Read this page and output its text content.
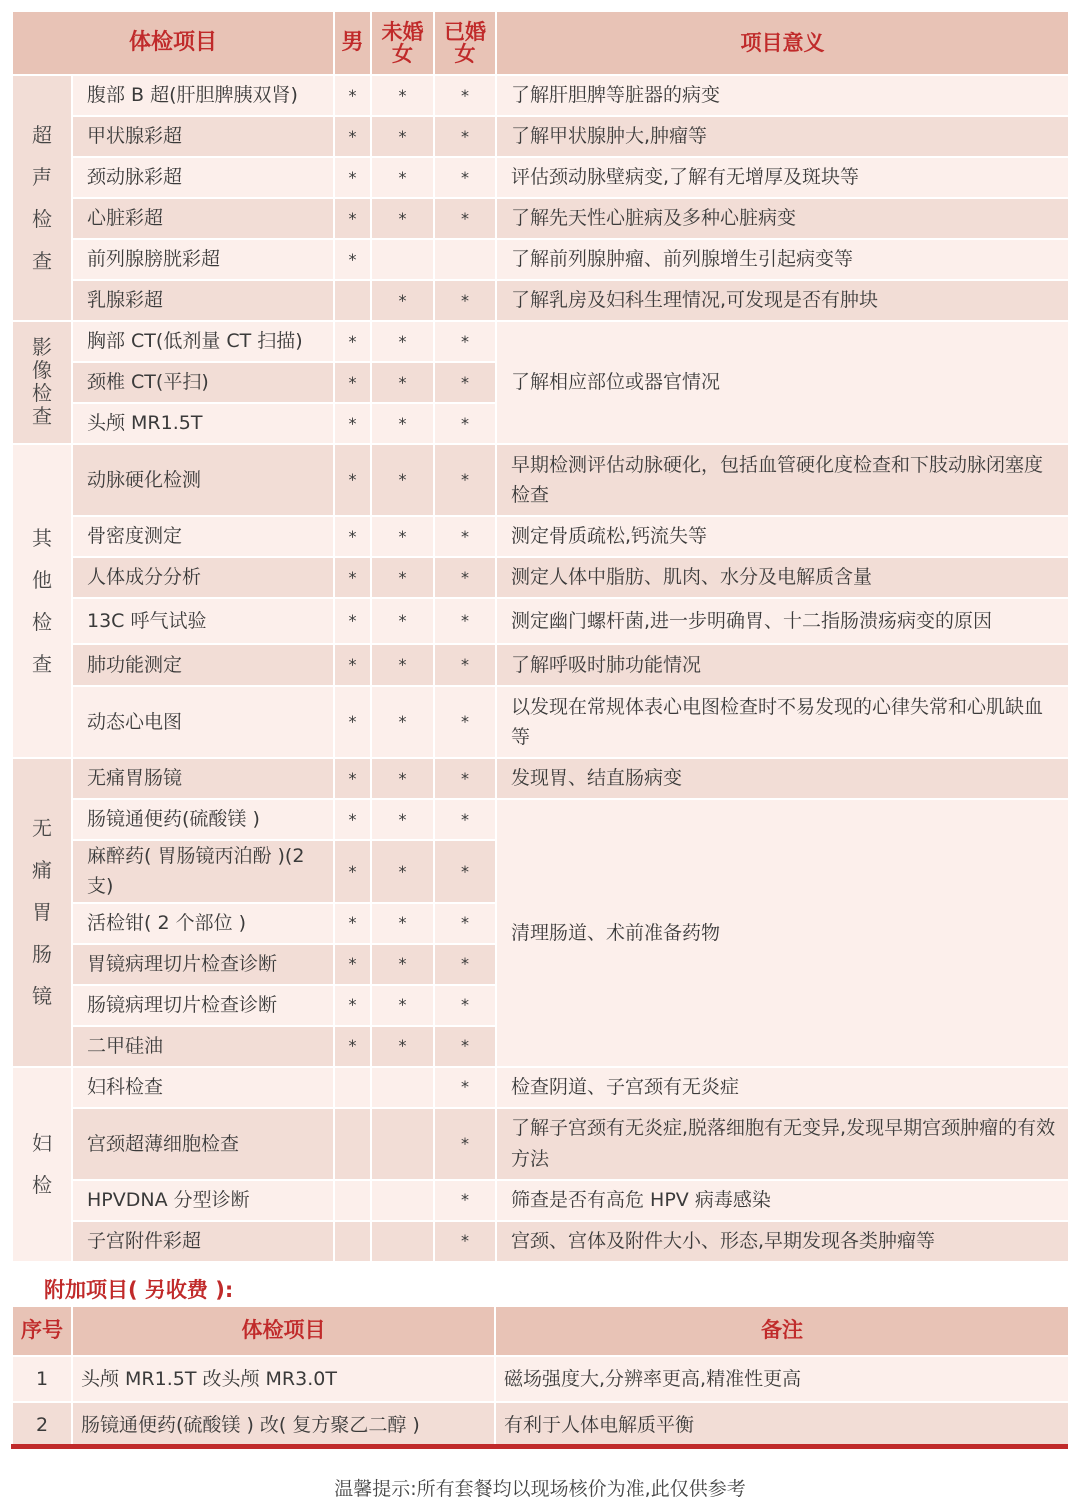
体检项目		男	未婚女	已婚女	项目意义

超
声
检
查	腹部 B 超(肝胆脾胰双肾)	*	*	*	了解肝胆脾等脏器的病变
	甲状腺彩超	*	*	*	了解甲状腺肿大,肿瘤等
	颈动脉彩超	*	*	*	评估颈动脉壁病变,了解有无增厚及斑块等
	心脏彩超	*	*	*	了解先天性心脏病及多种心脏病变
	前列腺膀胱彩超	*			了解前列腺肿瘤、前列腺增生引起病变等
	乳腺彩超		*	*	了解乳房及妇科生理情况,可发现是否有肿块

影
像
检
查	胸部 CT(低剂量 CT 扫描)	*	*	*	了解相应部位或器官情况
	颈椎 CT(平扫)	*	*	*	
	头颅 MR1.5T	*	*	*	

其
他
检
查	动脉硬化检测	*	*	*	早期检测评估动脉硬化，包括血管硬化度检查和下肢动脉闭塞度检查
	骨密度测定	*	*	*	测定骨质疏松,钙流失等
	人体成分分析	*	*	*	测定人体中脂肪、肌肉、水分及电解质含量
	13C 呼气试验	*	*	*	测定幽门螺杆菌,进一步明确胃、十二指肠溃疡病变的原因
	肺功能测定	*	*	*	了解呼吸时肺功能情况
	动态心电图	*	*	*	以发现在常规体表心电图检查时不易发现的心律失常和心肌缺血等

无
痛
胃
肠
镜	无痛胃肠镜	*	*	*	发现胃、结直肠病变
	肠镜通便药(硫酸镁 )	*	*	*	清理肠道、术前准备药物
	麻醉药( 胃肠镜丙泊酚 )(2 支)	*	*	*	
	活检钳( 2 个部位 )	*	*	*	
	胃镜病理切片检查诊断	*	*	*	
	肠镜病理切片检查诊断	*	*	*	
	二甲硅油	*	*	*	

妇
检	妇科检查			*	检查阴道、子宫颈有无炎症
	宫颈超薄细胞检查			*	了解子宫颈有无炎症,脱落细胞有无变异,发现早期宫颈肿瘤的有效方法
	HPVDNA 分型诊断			*	筛查是否有高危 HPV 病毒感染
	子宫附件彩超			*	宫颈、宫体及附件大小、形态,早期发现各类肿瘤等
附加项目( 另收费 ):
序号	体检项目	备注
1	头颅 MR1.5T 改头颅 MR3.0T	磁场强度大,分辨率更高,精准性更高
2	肠镜通便药(硫酸镁 ) 改( 复方聚乙二醇 )	有利于人体电解质平衡
温馨提示:所有套餐均以现场核价为准,此仅供参考
